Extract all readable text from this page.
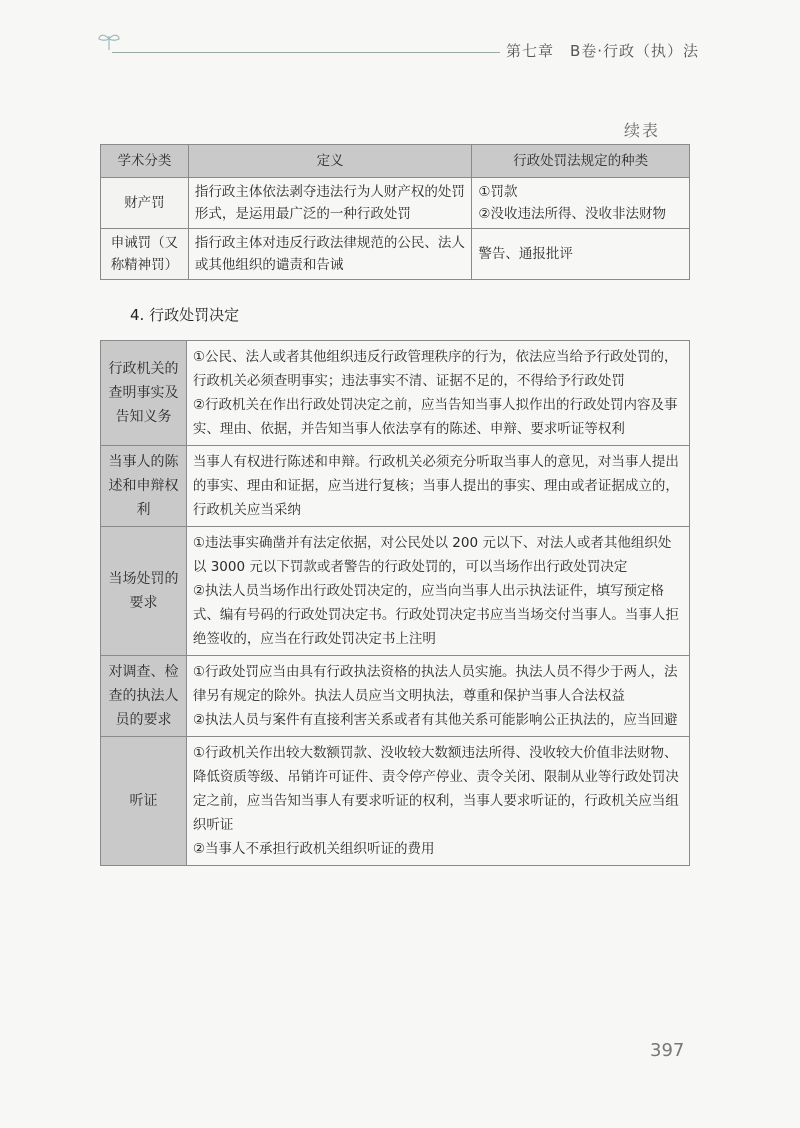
第七章　B卷·行政（执）法
续表
学术分类	定义	行政处罚法规定的种类
财产罚	指行政主体依法剥夺违法行为人财产权的处罚形式，是运用最广泛的一种行政处罚	①罚款
②没收违法所得、没收非法财物

申诫罚（又称精神罚）	指行政主体对违反行政法律规范的公民、法人或其他组织的谴责和告诫	警告、通报批评
4. 行政处罚决定
行政机关的查明事实及告知义务	①公民、法人或者其他组织违反行政管理秩序的行为，依法应当给予行政处罚的，行政机关必须查明事实；违法事实不清、证据不足的，不得给予行政处罚
②行政机关在作出行政处罚决定之前，应当告知当事人拟作出的行政处罚内容及事实、理由、依据，并告知当事人依法享有的陈述、申辩、要求听证等权利

当事人的陈述和申辩权利	当事人有权进行陈述和申辩。行政机关必须充分听取当事人的意见，对当事人提出的事实、理由和证据，应当进行复核；当事人提出的事实、理由或者证据成立的，行政机关应当采纳

当场处罚的要求	①违法事实确凿并有法定依据，对公民处以 200 元以下、对法人或者其他组织处以 3000 元以下罚款或者警告的行政处罚的，可以当场作出行政处罚决定
②执法人员当场作出行政处罚决定的，应当向当事人出示执法证件，填写预定格式、编有号码的行政处罚决定书。行政处罚决定书应当当场交付当事人。当事人拒绝签收的，应当在行政处罚决定书上注明

对调查、检查的执法人员的要求	①行政处罚应当由具有行政执法资格的执法人员实施。执法人员不得少于两人，法律另有规定的除外。执法人员应当文明执法，尊重和保护当事人合法权益
②执法人员与案件有直接利害关系或者有其他关系可能影响公正执法的，应当回避

听证	①行政机关作出较大数额罚款、没收较大数额违法所得、没收较大价值非法财物、降低资质等级、吊销许可证件、责令停产停业、责令关闭、限制从业等行政处罚决定之前，应当告知当事人有要求听证的权利，当事人要求听证的，行政机关应当组织听证
②当事人不承担行政机关组织听证的费用
397
